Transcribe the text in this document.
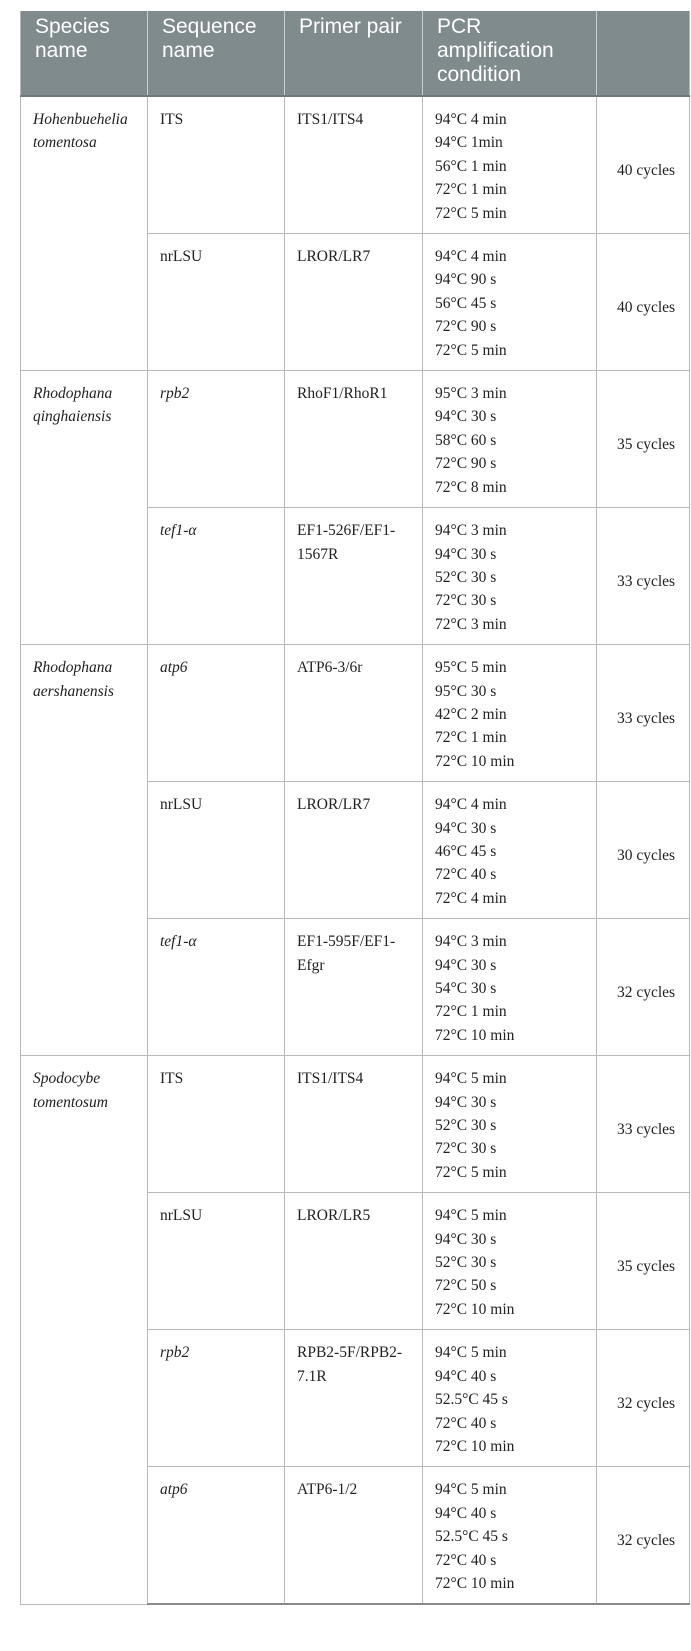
Species name	Sequence name	Primer pair	PCR amplification condition	
Hohenbuehelia tomentosa	ITS	ITS1/ITS4	94°C 4 min
94°C 1min
56°C 1 min
72°C 1 min
72°C 5 min	40 cycles
	nrLSU	LROR/LR7	94°C 4 min
94°C 90 s
56°C 45 s
72°C 90 s
72°C 5 min	40 cycles
Rhodophana qinghaiensis	rpb2	RhoF1/RhoR1	95°C 3 min
94°C 30 s
58°C 60 s
72°C 90 s
72°C 8 min	35 cycles
	tef1-α	EF1-526F/EF1-1567R	94°C 3 min
94°C 30 s
52°C 30 s
72°C 30 s
72°C 3 min	33 cycles
Rhodophana aershanensis	atp6	ATP6-3/6r	95°C 5 min
95°C 30 s
42°C 2 min
72°C 1 min
72°C 10 min	33 cycles
	nrLSU	LROR/LR7	94°C 4 min
94°C 30 s
46°C 45 s
72°C 40 s
72°C 4 min	30 cycles
	tef1-α	EF1-595F/EF1-Efgr	94°C 3 min
94°C 30 s
54°C 30 s
72°C 1 min
72°C 10 min	32 cycles
Spodocybe tomentosum	ITS	ITS1/ITS4	94°C 5 min
94°C 30 s
52°C 30 s
72°C 30 s
72°C 5 min	33 cycles
	nrLSU	LROR/LR5	94°C 5 min
94°C 30 s
52°C 30 s
72°C 50 s
72°C 10 min	35 cycles
	rpb2	RPB2-5F/RPB2-7.1R	94°C 5 min
94°C 40 s
52.5°C 45 s
72°C 40 s
72°C 10 min	32 cycles
	atp6	ATP6-1/2	94°C 5 min
94°C 40 s
52.5°C 45 s
72°C 40 s
72°C 10 min	32 cycles
